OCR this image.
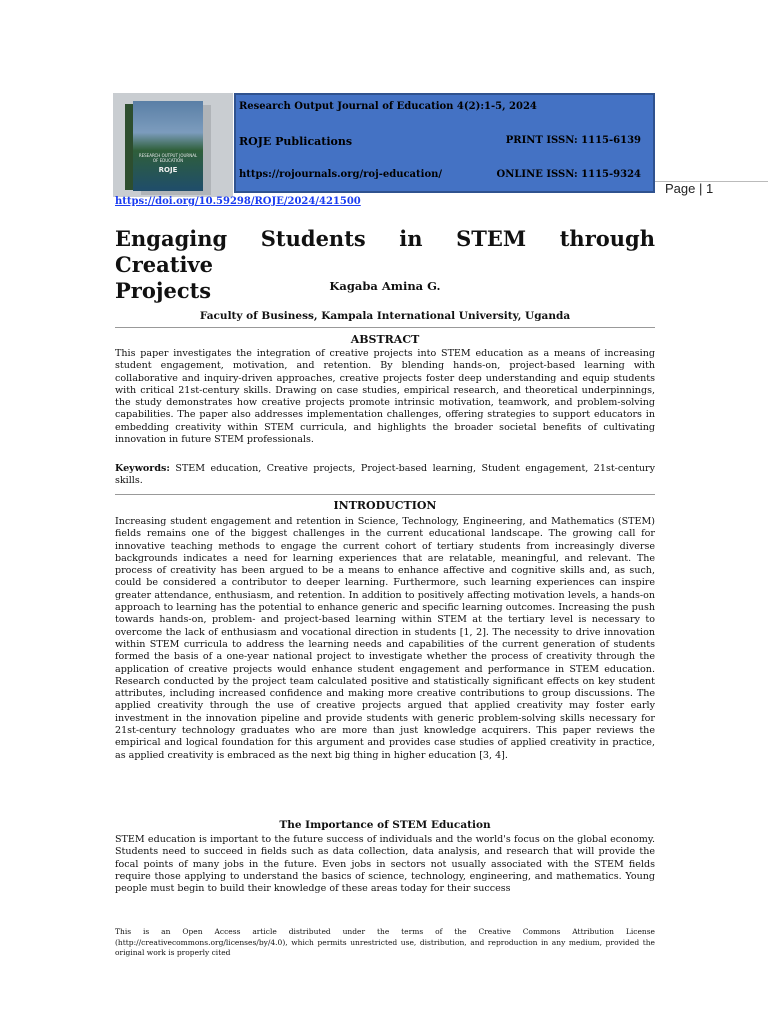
RESEARCH OUTPUT JOURNAL OF EDUCATION
ROJE
Research Output Journal of Education 4(2):1-5, 2024
ROJE Publications	PRINT ISSN: 1115-6139
https://rojournals.org/roj-education/	ONLINE ISSN: 1115-9324
Page | 1
https://doi.org/10.59298/ROJE/2024/421500
Engaging Students in STEM through Creative
Projects	Kagaba Amina G.
Faculty of Business, Kampala International University, Uganda
ABSTRACT
This paper investigates the integration of creative projects into STEM education as a means of increasing student engagement, motivation, and retention. By blending hands-on, project-based learning with collaborative and inquiry-driven approaches, creative projects foster deep understanding and equip students with critical 21st-century skills. Drawing on case studies, empirical research, and theoretical underpinnings, the study demonstrates how creative projects promote intrinsic motivation, teamwork, and problem-solving capabilities. The paper also addresses implementation challenges, offering strategies to support educators in embedding creativity within STEM curricula, and highlights the broader societal benefits of cultivating innovation in future STEM professionals.
Keywords: STEM education, Creative projects, Project-based learning, Student engagement, 21st-century skills.
INTRODUCTION
Increasing student engagement and retention in Science, Technology, Engineering, and Mathematics (STEM) fields remains one of the biggest challenges in the current educational landscape. The growing call for innovative teaching methods to engage the current cohort of tertiary students from increasingly diverse backgrounds indicates a need for learning experiences that are relatable, meaningful, and relevant. The process of creativity has been argued to be a means to enhance affective and cognitive skills and, as such, could be considered a contributor to deeper learning. Furthermore, such learning experiences can inspire greater attendance, enthusiasm, and retention. In addition to positively affecting motivation levels, a hands-on approach to learning has the potential to enhance generic and specific learning outcomes. Increasing the push towards hands-on, problem- and project-based learning within STEM at the tertiary level is necessary to overcome the lack of enthusiasm and vocational direction in students [1, 2]. The necessity to drive innovation within STEM curricula to address the learning needs and capabilities of the current generation of students formed the basis of a one-year national project to investigate whether the process of creativity through the application of creative projects would enhance student engagement and performance in STEM education. Research conducted by the project team calculated positive and statistically significant effects on key student attributes, including increased confidence and making more creative contributions to group discussions. The applied creativity through the use of creative projects argued that applied creativity may foster early investment in the innovation pipeline and provide students with generic problem-solving skills necessary for 21st-century technology graduates who are more than just knowledge acquirers. This paper reviews the empirical and logical foundation for this argument and provides case studies of applied creativity in practice, as applied creativity is embraced as the next big thing in higher education [3, 4].
The Importance of STEM Education
STEM education is important to the future success of individuals and the world's focus on the global economy. Students need to succeed in fields such as data collection, data analysis, and research that will provide the focal points of many jobs in the future. Even jobs in sectors not usually associated with the STEM fields require those applying to understand the basics of science, technology, engineering, and mathematics. Young people must begin to build their knowledge of these areas today for their success
This is an Open Access article distributed under the terms of the Creative Commons Attribution License (http://creativecommons.org/licenses/by/4.0), which permits unrestricted use, distribution, and reproduction in any medium, provided the original work is properly cited
